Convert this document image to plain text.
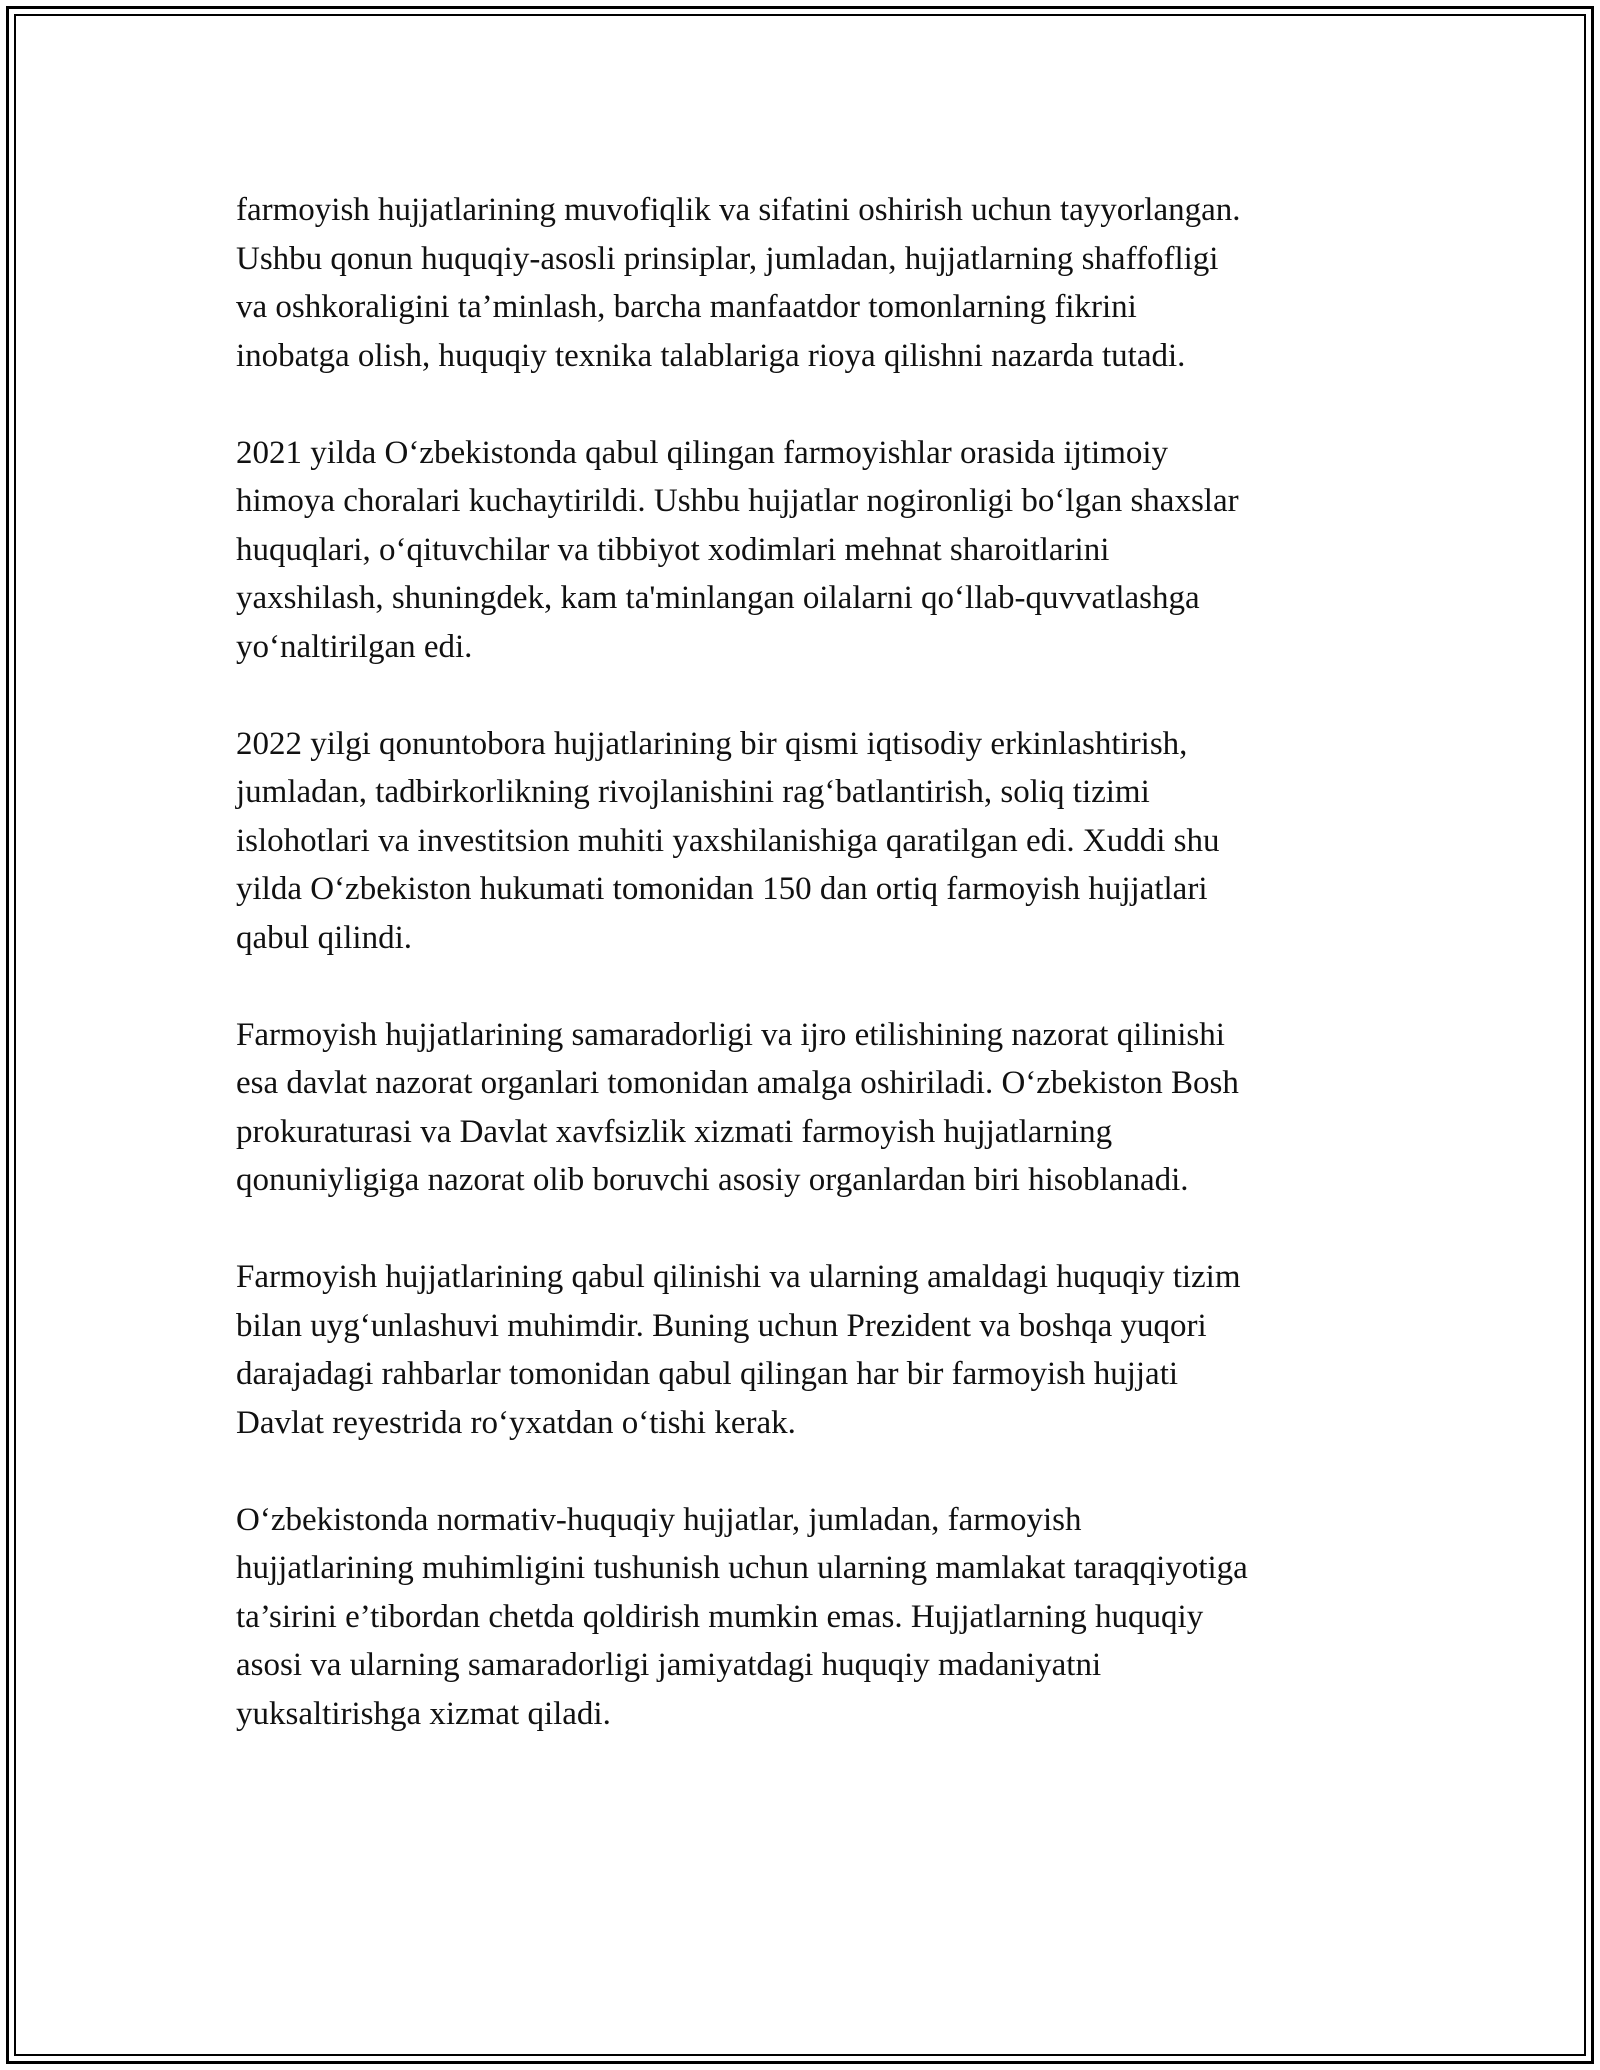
farmoyish hujjatlarining muvofiqlik va sifatini oshirish uchun tayyorlangan.
Ushbu qonun huquqiy-asosli prinsiplar, jumladan, hujjatlarning shaffofligi
va oshkoraligini ta’minlash, barcha manfaatdor tomonlarning fikrini
inobatga olish, huquqiy texnika talablariga rioya qilishni nazarda tutadi.

2021 yilda O‘zbekistonda qabul qilingan farmoyishlar orasida ijtimoiy
himoya choralari kuchaytirildi. Ushbu hujjatlar nogironligi bo‘lgan shaxslar
huquqlari, o‘qituvchilar va tibbiyot xodimlari mehnat sharoitlarini
yaxshilash, shuningdek, kam ta'minlangan oilalarni qo‘llab-quvvatlashga
yo‘naltirilgan edi.

2022 yilgi qonuntobora hujjatlarining bir qismi iqtisodiy erkinlashtirish,
jumladan, tadbirkorlikning rivojlanishini rag‘batlantirish, soliq tizimi
islohotlari va investitsion muhiti yaxshilanishiga qaratilgan edi. Xuddi shu
yilda O‘zbekiston hukumati tomonidan 150 dan ortiq farmoyish hujjatlari
qabul qilindi.

Farmoyish hujjatlarining samaradorligi va ijro etilishining nazorat qilinishi
esa davlat nazorat organlari tomonidan amalga oshiriladi. O‘zbekiston Bosh
prokuraturasi va Davlat xavfsizlik xizmati farmoyish hujjatlarning
qonuniyligiga nazorat olib boruvchi asosiy organlardan biri hisoblanadi.

Farmoyish hujjatlarining qabul qilinishi va ularning amaldagi huquqiy tizim
bilan uyg‘unlashuvi muhimdir. Buning uchun Prezident va boshqa yuqori
darajadagi rahbarlar tomonidan qabul qilingan har bir farmoyish hujjati
Davlat reyestrida ro‘yxatdan o‘tishi kerak.

O‘zbekistonda normativ-huquqiy hujjatlar, jumladan, farmoyish
hujjatlarining muhimligini tushunish uchun ularning mamlakat taraqqiyotiga
ta’sirini e’tibordan chetda qoldirish mumkin emas. Hujjatlarning huquqiy
asosi va ularning samaradorligi jamiyatdagi huquqiy madaniyatni
yuksaltirishga xizmat qiladi.
